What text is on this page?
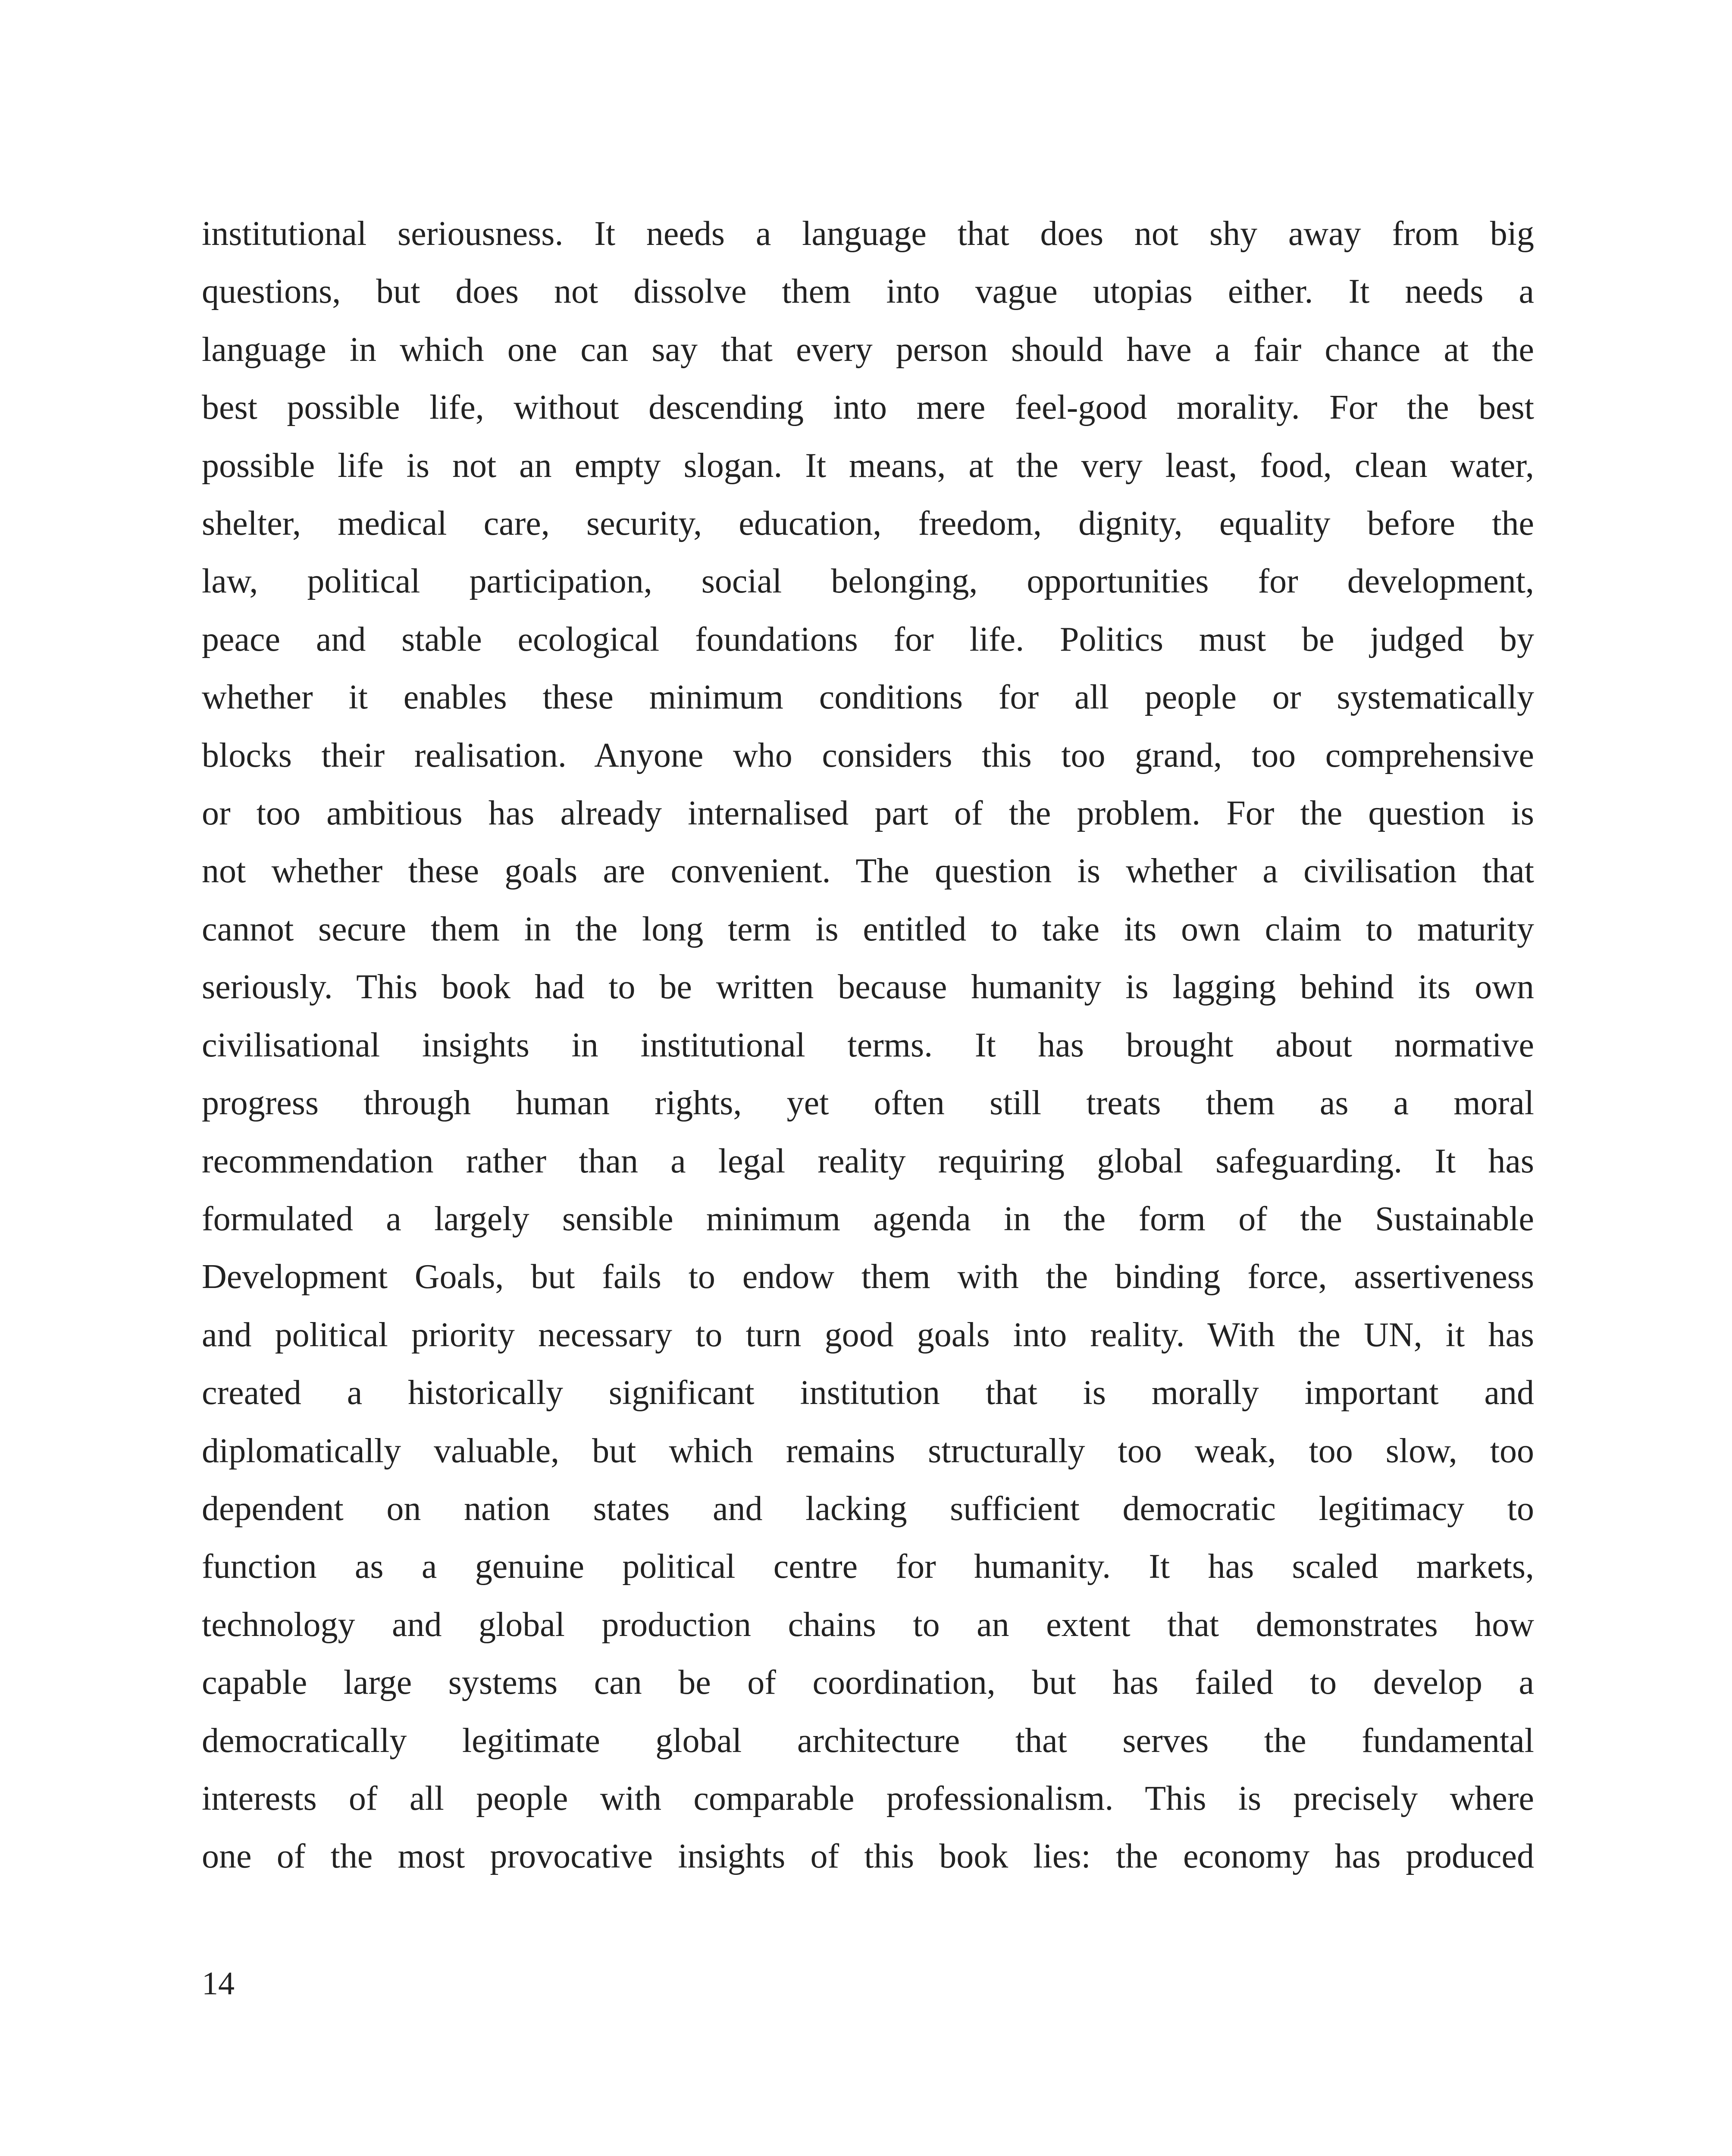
institutional seriousness. It needs a language that does not shy away from big
questions, but does not dissolve them into vague utopias either. It needs a
language in which one can say that every person should have a fair chance at the
best possible life, without descending into mere feel-good morality. For the best
possible life is not an empty slogan. It means, at the very least, food, clean water,
shelter, medical care, security, education, freedom, dignity, equality before the
law, political participation, social belonging, opportunities for development,
peace and stable ecological foundations for life. Politics must be judged by
whether it enables these minimum conditions for all people or systematically
blocks their realisation. Anyone who considers this too grand, too comprehensive
or too ambitious has already internalised part of the problem. For the question is
not whether these goals are convenient. The question is whether a civilisation that
cannot secure them in the long term is entitled to take its own claim to maturity
seriously. This book had to be written because humanity is lagging behind its own
civilisational insights in institutional terms. It has brought about normative
progress through human rights, yet often still treats them as a moral
recommendation rather than a legal reality requiring global safeguarding. It has
formulated a largely sensible minimum agenda in the form of the Sustainable
Development Goals, but fails to endow them with the binding force, assertiveness
and political priority necessary to turn good goals into reality. With the UN, it has
created a historically significant institution that is morally important and
diplomatically valuable, but which remains structurally too weak, too slow, too
dependent on nation states and lacking sufficient democratic legitimacy to
function as a genuine political centre for humanity. It has scaled markets,
technology and global production chains to an extent that demonstrates how
capable large systems can be of coordination, but has failed to develop a
democratically legitimate global architecture that serves the fundamental
interests of all people with comparable professionalism. This is precisely where
one of the most provocative insights of this book lies: the economy has produced

14
